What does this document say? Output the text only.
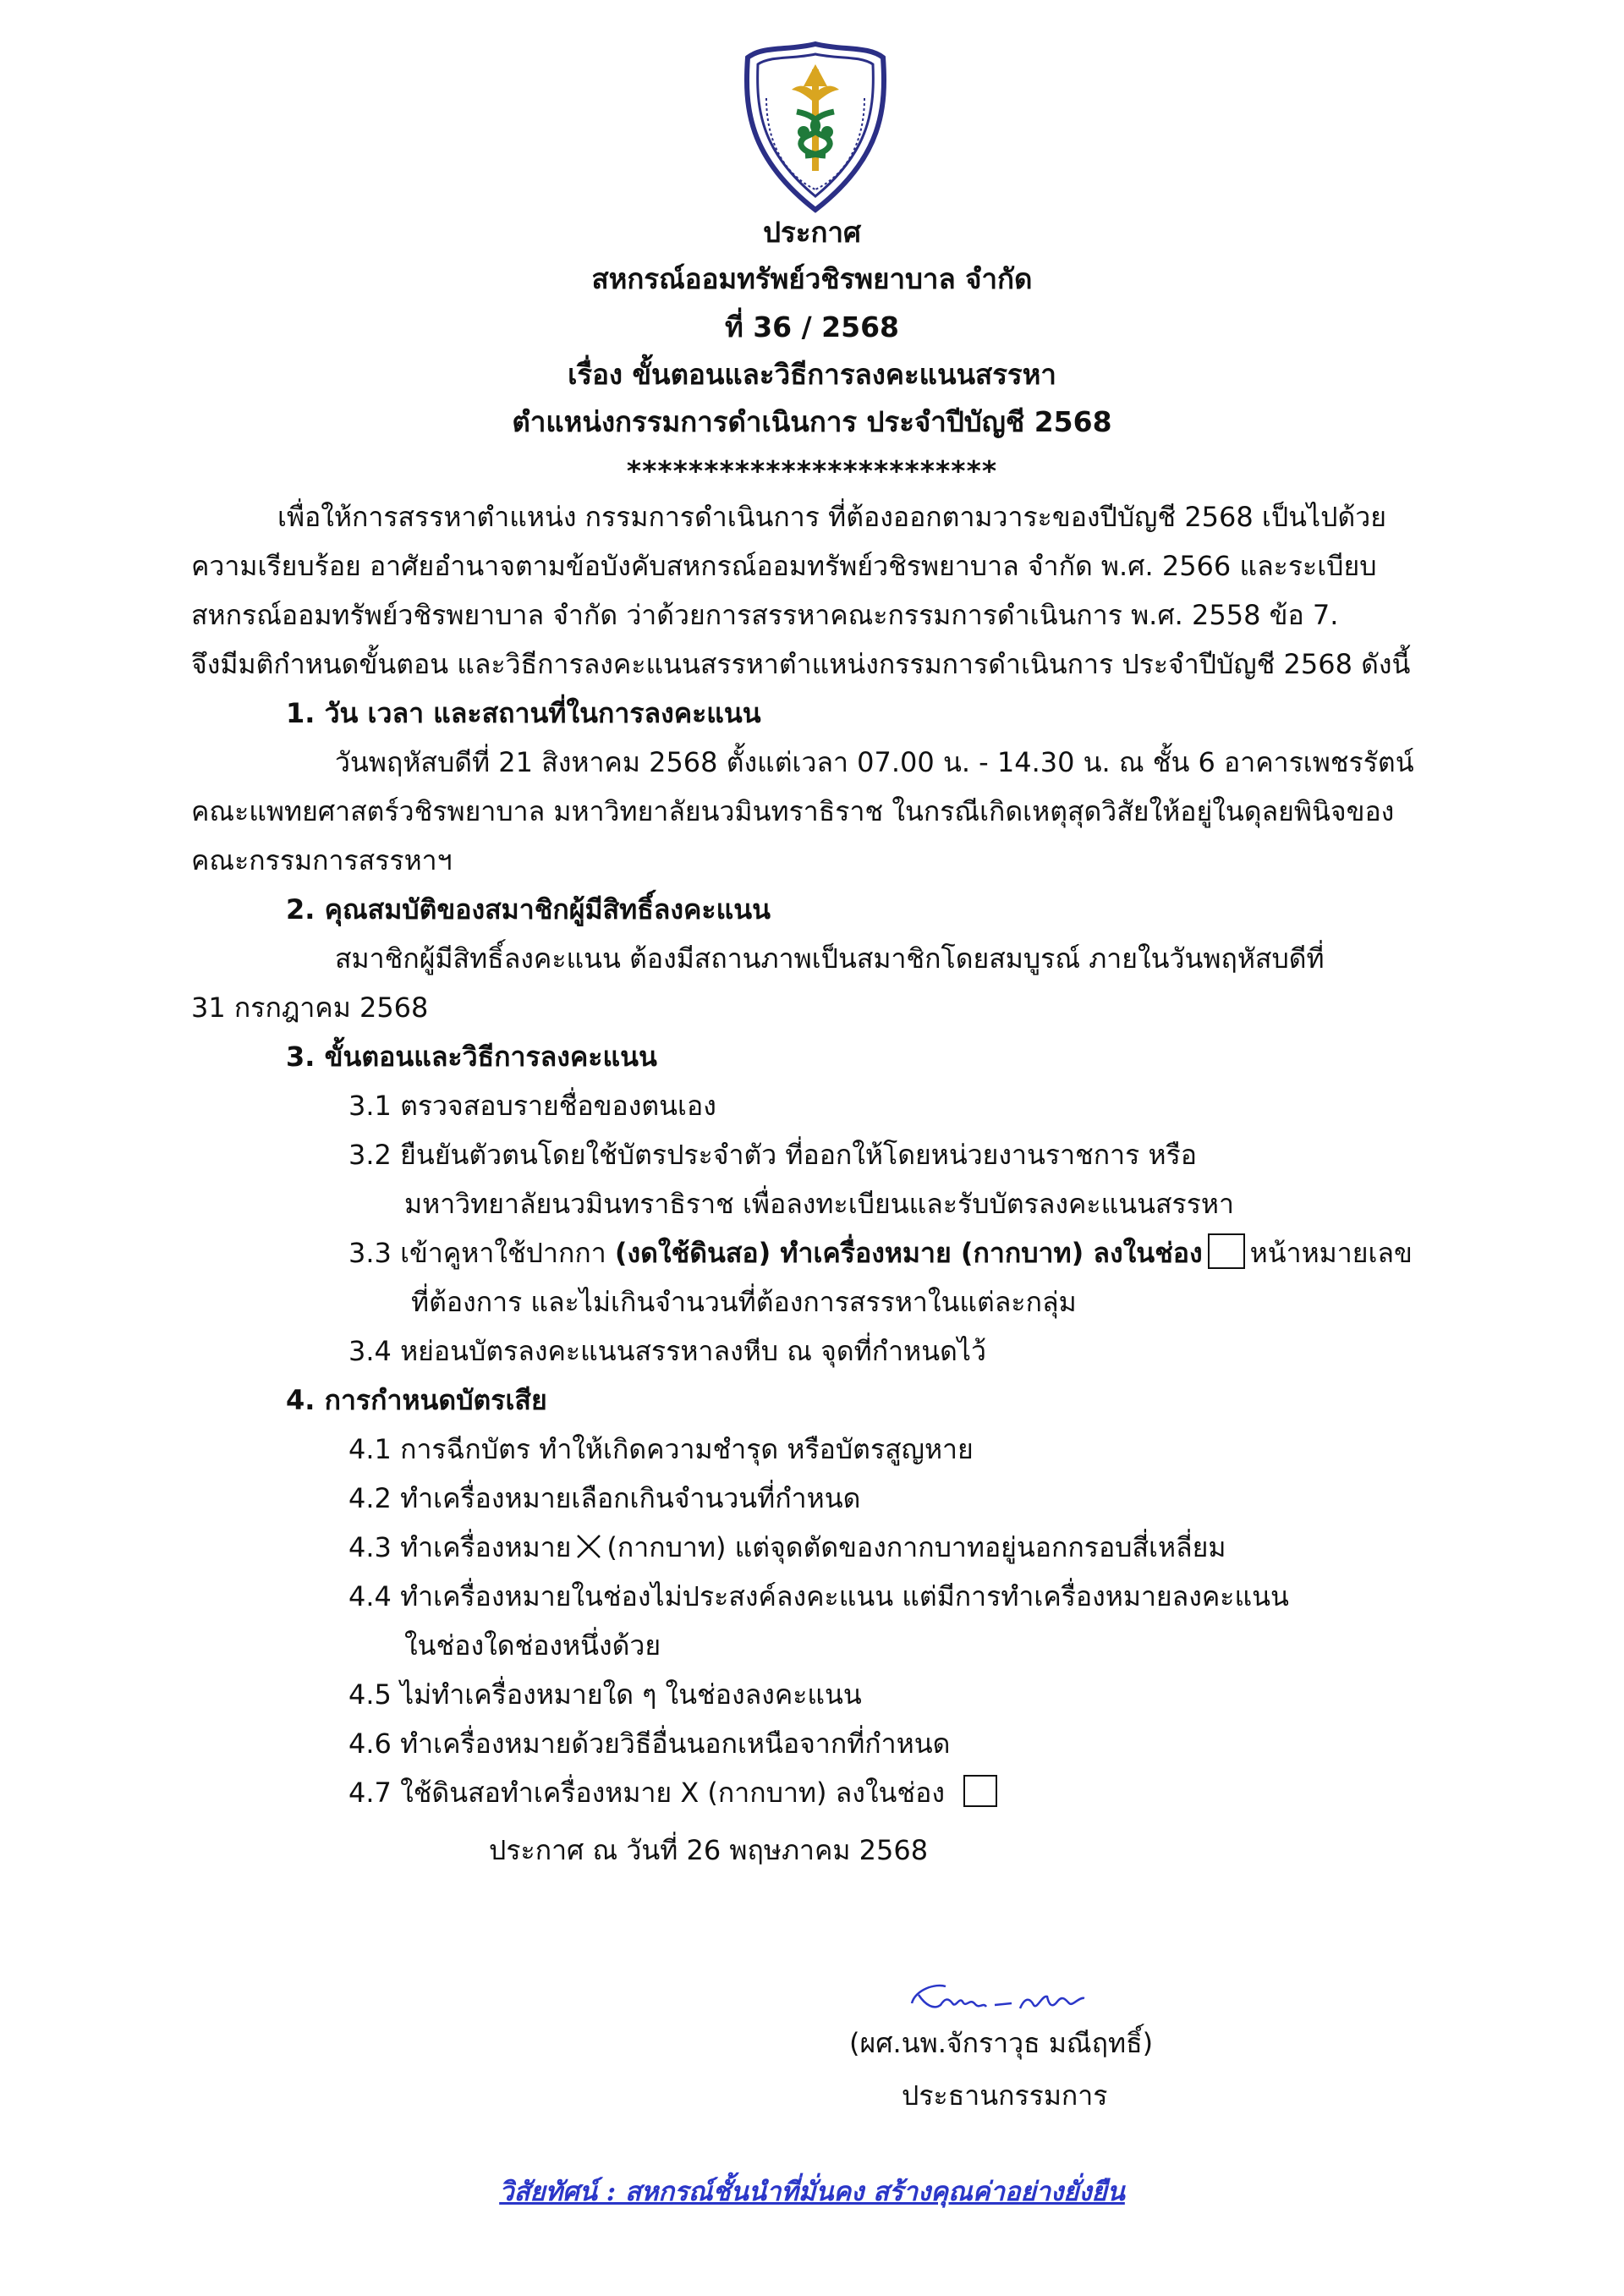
ประกาศ
สหกรณ์ออมทรัพย์วชิรพยาบาล จำกัด
ที่ 36 / 2568
เรื่อง ขั้นตอนและวิธีการลงคะแนนสรรหา
ตำแหน่งกรรมการดำเนินการ ประจำปีบัญชี 2568
************************
เพื่อให้การสรรหาตำแหน่ง กรรมการดำเนินการ ที่ต้องออกตามวาระของปีบัญชี 2568 เป็นไปด้วย
ความเรียบร้อย อาศัยอำนาจตามข้อบังคับสหกรณ์ออมทรัพย์วชิรพยาบาล จำกัด พ.ศ. 2566 และระเบียบ
สหกรณ์ออมทรัพย์วชิรพยาบาล จำกัด ว่าด้วยการสรรหาคณะกรรมการดำเนินการ พ.ศ. 2558 ข้อ 7.
จึงมีมติกำหนดขั้นตอน และวิธีการลงคะแนนสรรหาตำแหน่งกรรมการดำเนินการ ประจำปีบัญชี 2568 ดังนี้
1. วัน เวลา และสถานที่ในการลงคะแนน
วันพฤหัสบดีที่ 21 สิงหาคม 2568 ตั้งแต่เวลา 07.00 น. - 14.30 น. ณ ชั้น 6 อาคารเพชรรัตน์
คณะแพทยศาสตร์วชิรพยาบาล มหาวิทยาลัยนวมินทราธิราช ในกรณีเกิดเหตุสุดวิสัยให้อยู่ในดุลยพินิจของ
คณะกรรมการสรรหาฯ
2. คุณสมบัติของสมาชิกผู้มีสิทธิ์ลงคะแนน
สมาชิกผู้มีสิทธิ์ลงคะแนน ต้องมีสถานภาพเป็นสมาชิกโดยสมบูรณ์ ภายในวันพฤหัสบดีที่
31 กรกฎาคม 2568
3. ขั้นตอนและวิธีการลงคะแนน
3.1 ตรวจสอบรายชื่อของตนเอง
3.2 ยืนยันตัวตนโดยใช้บัตรประจำตัว ที่ออกให้โดยหน่วยงานราชการ หรือ
มหาวิทยาลัยนวมินทราธิราช เพื่อลงทะเบียนและรับบัตรลงคะแนนสรรหา
3.3 เข้าคูหาใช้ปากกา (งดใช้ดินสอ) ทำเครื่องหมาย (กากบาท) ลงในช่อง หน้าหมายเลข
ที่ต้องการ และไม่เกินจำนวนที่ต้องการสรรหาในแต่ละกลุ่ม
3.4 หย่อนบัตรลงคะแนนสรรหาลงหีบ ณ จุดที่กำหนดไว้
4. การกำหนดบัตรเสีย
4.1 การฉีกบัตร ทำให้เกิดความชำรุด หรือบัตรสูญหาย
4.2 ทำเครื่องหมายเลือกเกินจำนวนที่กำหนด
4.3 ทำเครื่องหมาย (กากบาท) แต่จุดตัดของกากบาทอยู่นอกกรอบสี่เหลี่ยม
4.4 ทำเครื่องหมายในช่องไม่ประสงค์ลงคะแนน แต่มีการทำเครื่องหมายลงคะแนน
ในช่องใดช่องหนึ่งด้วย
4.5 ไม่ทำเครื่องหมายใด ๆ ในช่องลงคะแนน
4.6 ทำเครื่องหมายด้วยวิธีอื่นนอกเหนือจากที่กำหนด
4.7 ใช้ดินสอทำเครื่องหมาย X (กากบาท) ลงในช่อง
ประกาศ ณ วันที่ 26 พฤษภาคม 2568
(ผศ.นพ.จักราวุธ มณีฤทธิ์)
ประธานกรรมการ
วิสัยทัศน์ : สหกรณ์ชั้นนำที่มั่นคง สร้างคุณค่าอย่างยั่งยืน
